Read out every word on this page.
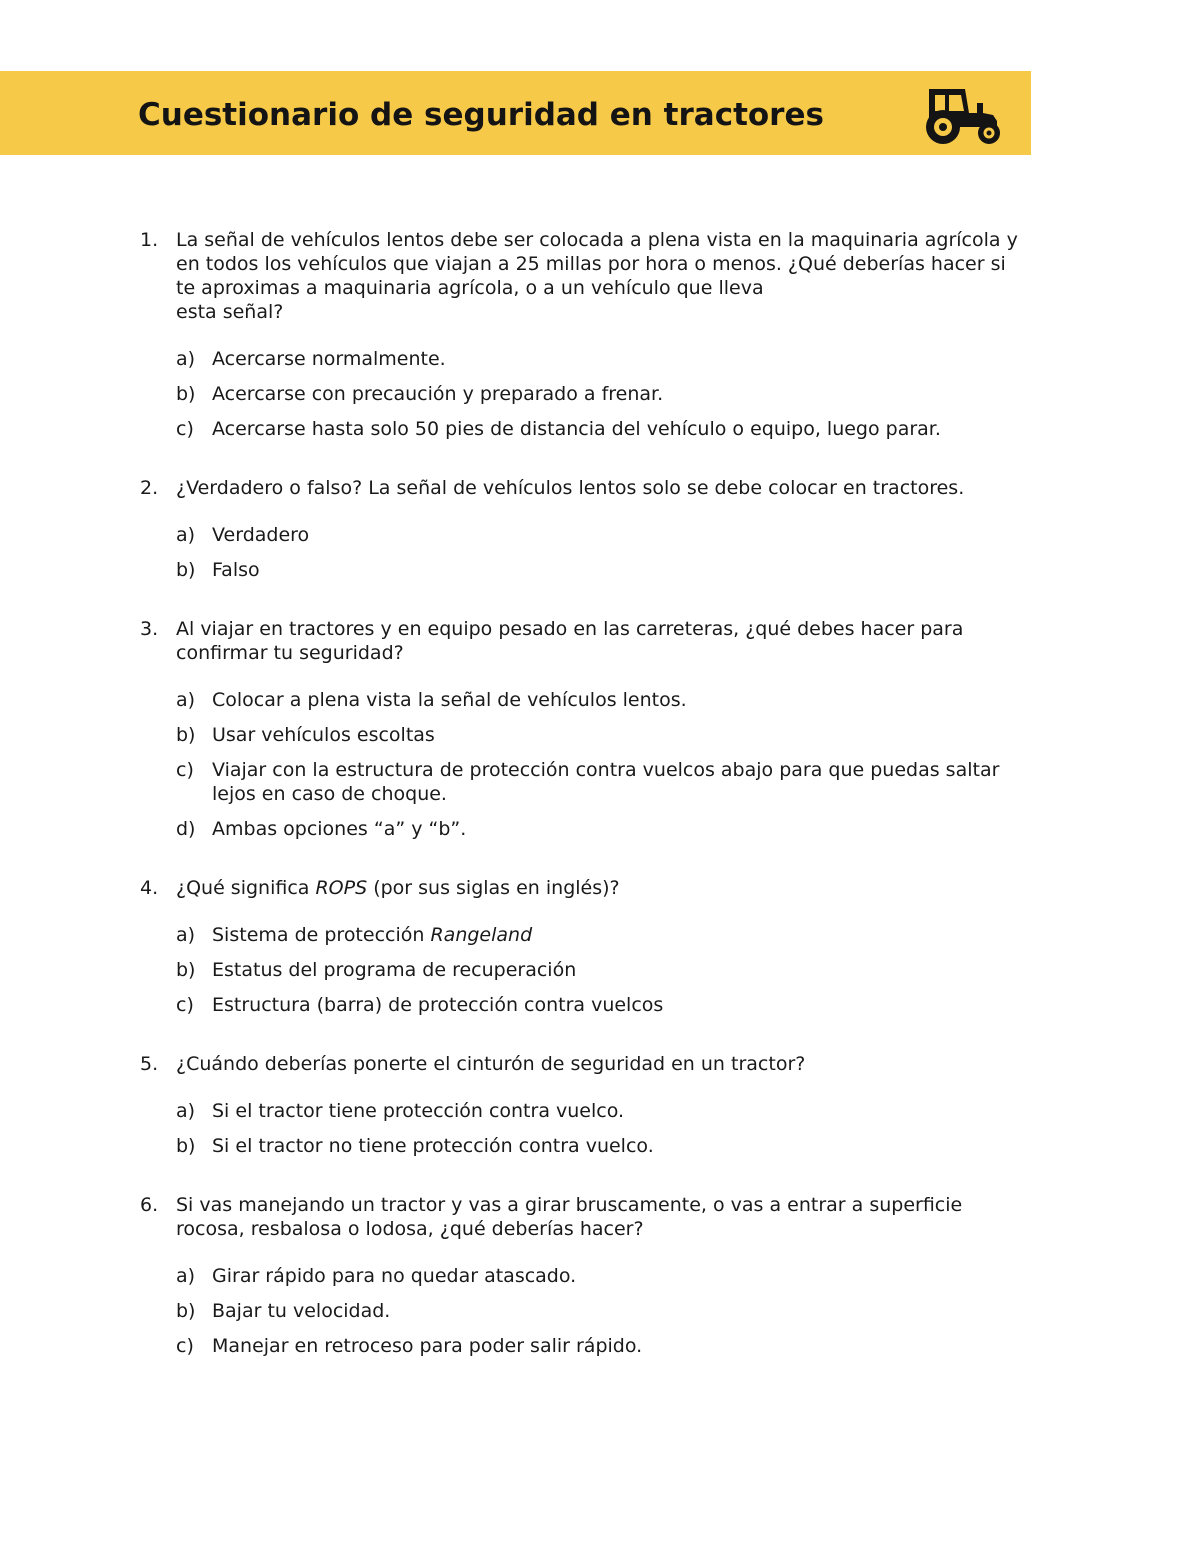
Cuestionario de seguridad en tractores
1. La señal de vehículos lentos debe ser colocada a plena vista en la maquinaria agrícola y
en todos los vehículos que viajan a 25 millas por hora o menos. ¿Qué deberías hacer si
te aproximas a maquinaria agrícola, o a un vehículo que lleva
esta señal?
a) Acercarse normalmente.
b) Acercarse con precaución y preparado a frenar.
c) Acercarse hasta solo 50 pies de distancia del vehículo o equipo, luego parar.
2. ¿Verdadero o falso? La señal de vehículos lentos solo se debe colocar en tractores.
a) Verdadero
b) Falso
3. Al viajar en tractores y en equipo pesado en las carreteras, ¿qué debes hacer para
confirmar tu seguridad?
a) Colocar a plena vista la señal de vehículos lentos.
b) Usar vehículos escoltas
c) Viajar con la estructura de protección contra vuelcos abajo para que puedas saltar
lejos en caso de choque.
d) Ambas opciones “a” y “b”.
4. ¿Qué significa ROPS (por sus siglas en inglés)?
a) Sistema de protección Rangeland
b) Estatus del programa de recuperación
c) Estructura (barra) de protección contra vuelcos
5. ¿Cuándo deberías ponerte el cinturón de seguridad en un tractor?
a) Si el tractor tiene protección contra vuelco.
b) Si el tractor no tiene protección contra vuelco.
6. Si vas manejando un tractor y vas a girar bruscamente, o vas a entrar a superficie
rocosa, resbalosa o lodosa, ¿qué deberías hacer?
a) Girar rápido para no quedar atascado.
b) Bajar tu velocidad.
c) Manejar en retroceso para poder salir rápido.
